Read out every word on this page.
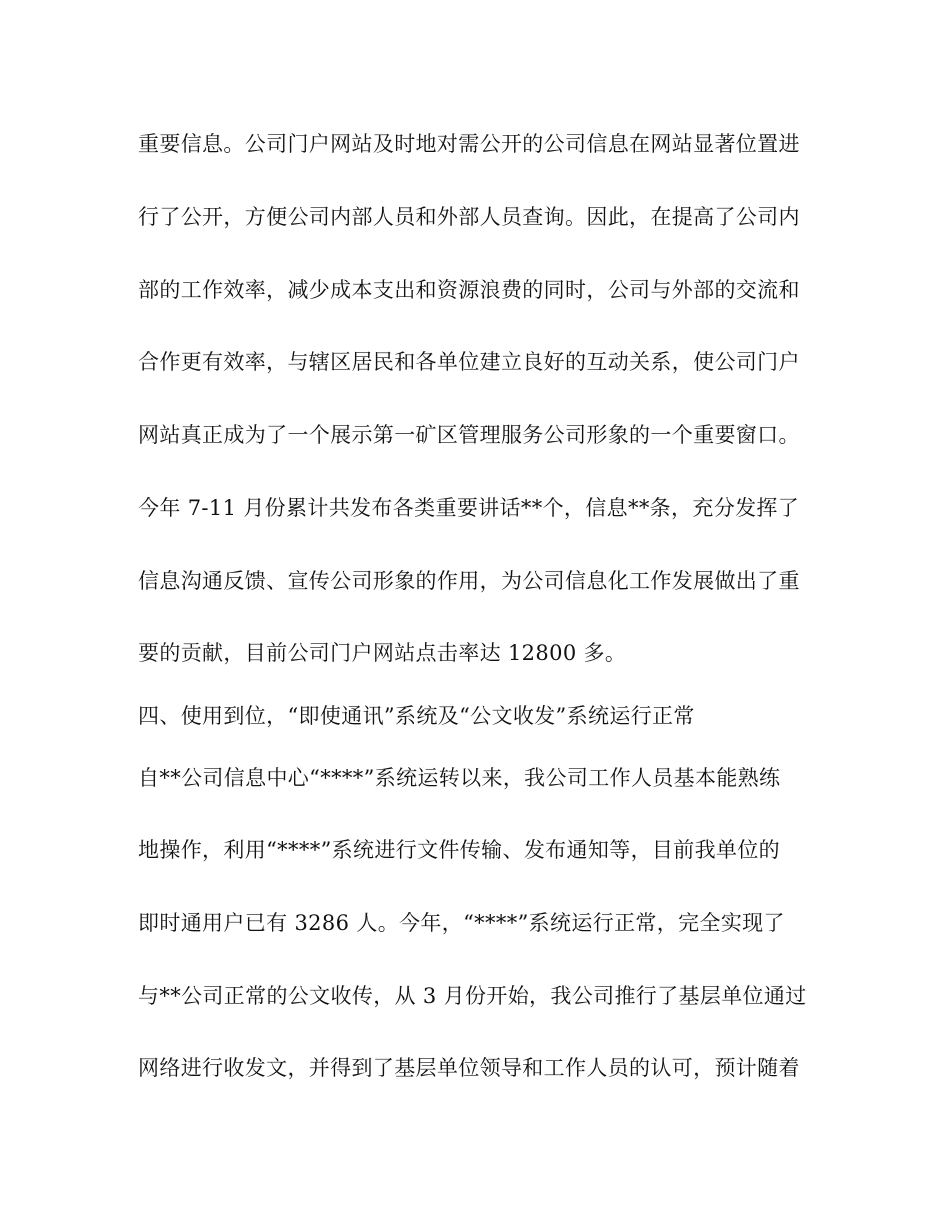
重要信息。公司门户网站及时地对需公开的公司信息在网站显著位置进
行了公开，方便公司内部人员和外部人员查询。因此，在提高了公司内
部的工作效率，减少成本支出和资源浪费的同时，公司与外部的交流和
合作更有效率，与辖区居民和各单位建立良好的互动关系，使公司门户
网站真正成为了一个展示第一矿区管理服务公司形象的一个重要窗口。
今年 7-11 月份累计共发布各类重要讲话**个，信息**条，充分发挥了
信息沟通反馈、宣传公司形象的作用，为公司信息化工作发展做出了重
要的贡献，目前公司门户网站点击率达 12800 多。
四、使用到位，“即使通讯”系统及“公文收发”系统运行正常
自**公司信息中心“****”系统运转以来，我公司工作人员基本能熟练
地操作，利用“****”系统进行文件传输、发布通知等，目前我单位的
即时通用户已有 3286 人。今年，“****”系统运行正常，完全实现了
与**公司正常的公文收传，从 3 月份开始，我公司推行了基层单位通过
网络进行收发文，并得到了基层单位领导和工作人员的认可，预计随着
